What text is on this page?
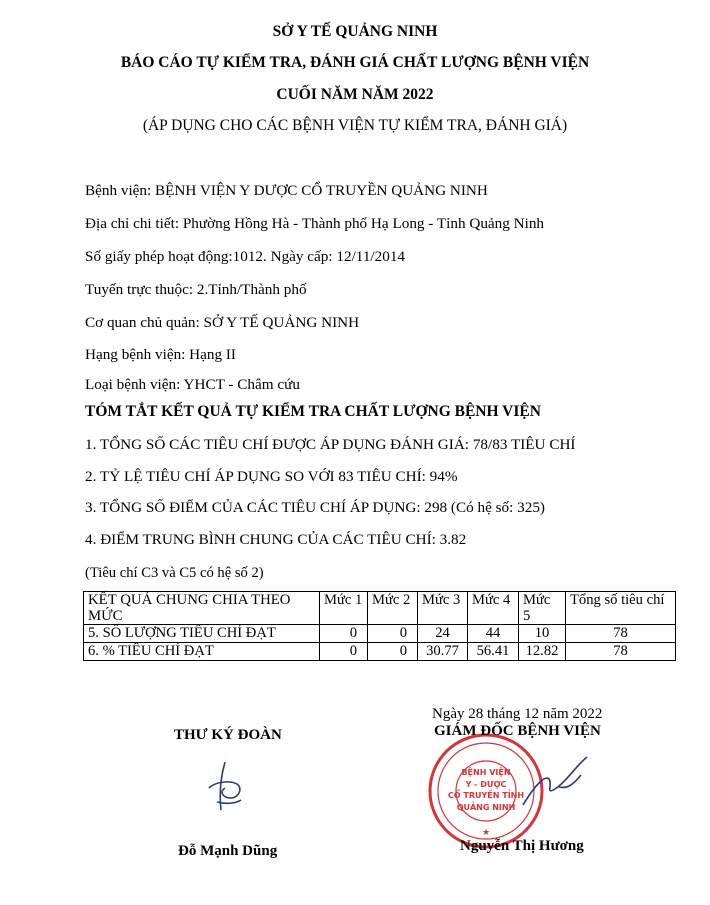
SỞ Y TẾ QUẢNG NINH
BÁO CÁO TỰ KIỂM TRA, ĐÁNH GIÁ CHẤT LƯỢNG BỆNH VIỆN
CUỐI NĂM NĂM 2022
(ÁP DỤNG CHO CÁC BỆNH VIỆN TỰ KIỂM TRA, ĐÁNH GIÁ)
Bệnh viện: BỆNH VIỆN Y DƯỢC CỔ TRUYỀN QUẢNG NINH
Địa chỉ chi tiết: Phường Hồng Hà - Thành phố Hạ Long - Tỉnh Quảng Ninh
Số giấy phép hoạt động:1012. Ngày cấp: 12/11/2014
Tuyến trực thuộc: 2.Tỉnh/Thành phố
Cơ quan chủ quản: SỞ Y TẾ QUẢNG NINH
Hạng bệnh viện: Hạng II
Loại bệnh viện: YHCT - Châm cứu
TÓM TẮT KẾT QUẢ TỰ KIỂM TRA CHẤT LƯỢNG BỆNH VIỆN
1. TỔNG SỐ CÁC TIÊU CHÍ ĐƯỢC ÁP DỤNG ĐÁNH GIÁ: 78/83 TIÊU CHÍ
2. TỶ LỆ TIÊU CHÍ ÁP DỤNG SO VỚI 83 TIÊU CHÍ: 94%
3. TỔNG SỐ ĐIỂM CỦA CÁC TIÊU CHÍ ÁP DỤNG: 298 (Có hệ số: 325)
4. ĐIỂM TRUNG BÌNH CHUNG CỦA CÁC TIÊU CHÍ: 3.82
(Tiêu chí C3 và C5 có hệ số 2)
KẾT QUẢ CHUNG CHIA THEO MỨC	Mức 1	Mức 2	Mức 3	Mức 4	Mức 5	Tổng số tiêu chí
5. SỐ LƯỢNG TIÊU CHÍ ĐẠT	0	0	24	44	10	78
6. % TIÊU CHÍ ĐẠT	0	0	30.77	56.41	12.82	78
Ngày 28 tháng 12 năm 2022
THƯ KÝ ĐOÀN
BỆNH VIỆN
Y - DƯỢC
CỔ TRUYỀN TỈNH
QUẢNG NINH
★
GIÁM ĐỐC BỆNH VIỆN
Đỗ Mạnh Dũng	Nguyễn Thị Hương
